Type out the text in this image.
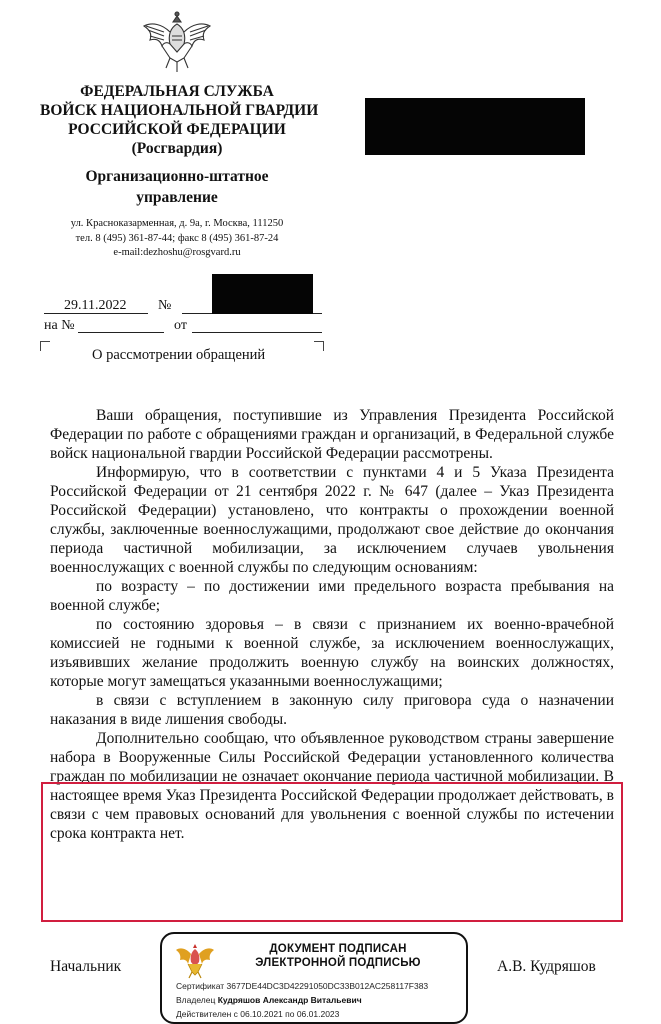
ФЕДЕРАЛЬНАЯ СЛУЖБА
ВОЙСК НАЦИОНАЛЬНОЙ ГВАРДИИ
РОССИЙСКОЙ ФЕДЕРАЦИИ
(Росгвардия)
Организационно-штатное
управление
ул. Красноказарменная, д. 9а, г. Москва, 111250
тел. 8 (495) 361-87-44; факс 8 (495) 361-87-24
e-mail:dezhoshu@rosgvard.ru
29.11.2022 №
на №	от
О рассмотрении обращений

Ваши обращения, поступившие из Управления Президента Российской Федерации по работе с обращениями граждан и организаций, в Федеральной службе войск национальной гвардии Российской Федерации рассмотрены.

Информирую, что в соответствии с пунктами 4 и 5 Указа Президента Российской Федерации от 21 сентября 2022 г. № 647 (далее – Указ Президента Российской Федерации) установлено, что контракты о прохождении военной службы, заключенные военнослужащими, продолжают свое действие до окончания периода частичной мобилизации, за исключением случаев увольнения военнослужащих с военной службы по следующим основаниям:

по возрасту – по достижении ими предельного возраста пребывания на военной службе;

по состоянию здоровья – в связи с признанием их военно-врачебной комиссией не годными к военной службе, за исключением военнослужащих, изъявивших желание продолжить военную службу на воинских должностях, которые могут замещаться указанными военнослужащими;

в связи с вступлением в законную силу приговора суда о назначении наказания в виде лишения свободы.

Дополнительно сообщаю, что объявленное руководством страны завершение набора в Вооруженные Силы Российской Федерации установленного количества граждан по мобилизации не означает окончание периода частичной мобилизации. В настоящее время Указ Президента Российской Федерации продолжает действовать, в связи с чем правовых оснований для увольнения с военной службы по истечении срока контракта нет.

Начальник	А.В. Кудряшов
ДОКУМЕНТ ПОДПИСАН
ЭЛЕКТРОННОЙ ПОДПИСЬЮ
Сертификат 3677DE44DC3D42291050DC33B012AC258117F383
Владелец Кудряшов Александр Витальевич
Действителен с 06.10.2021 по 06.01.2023
